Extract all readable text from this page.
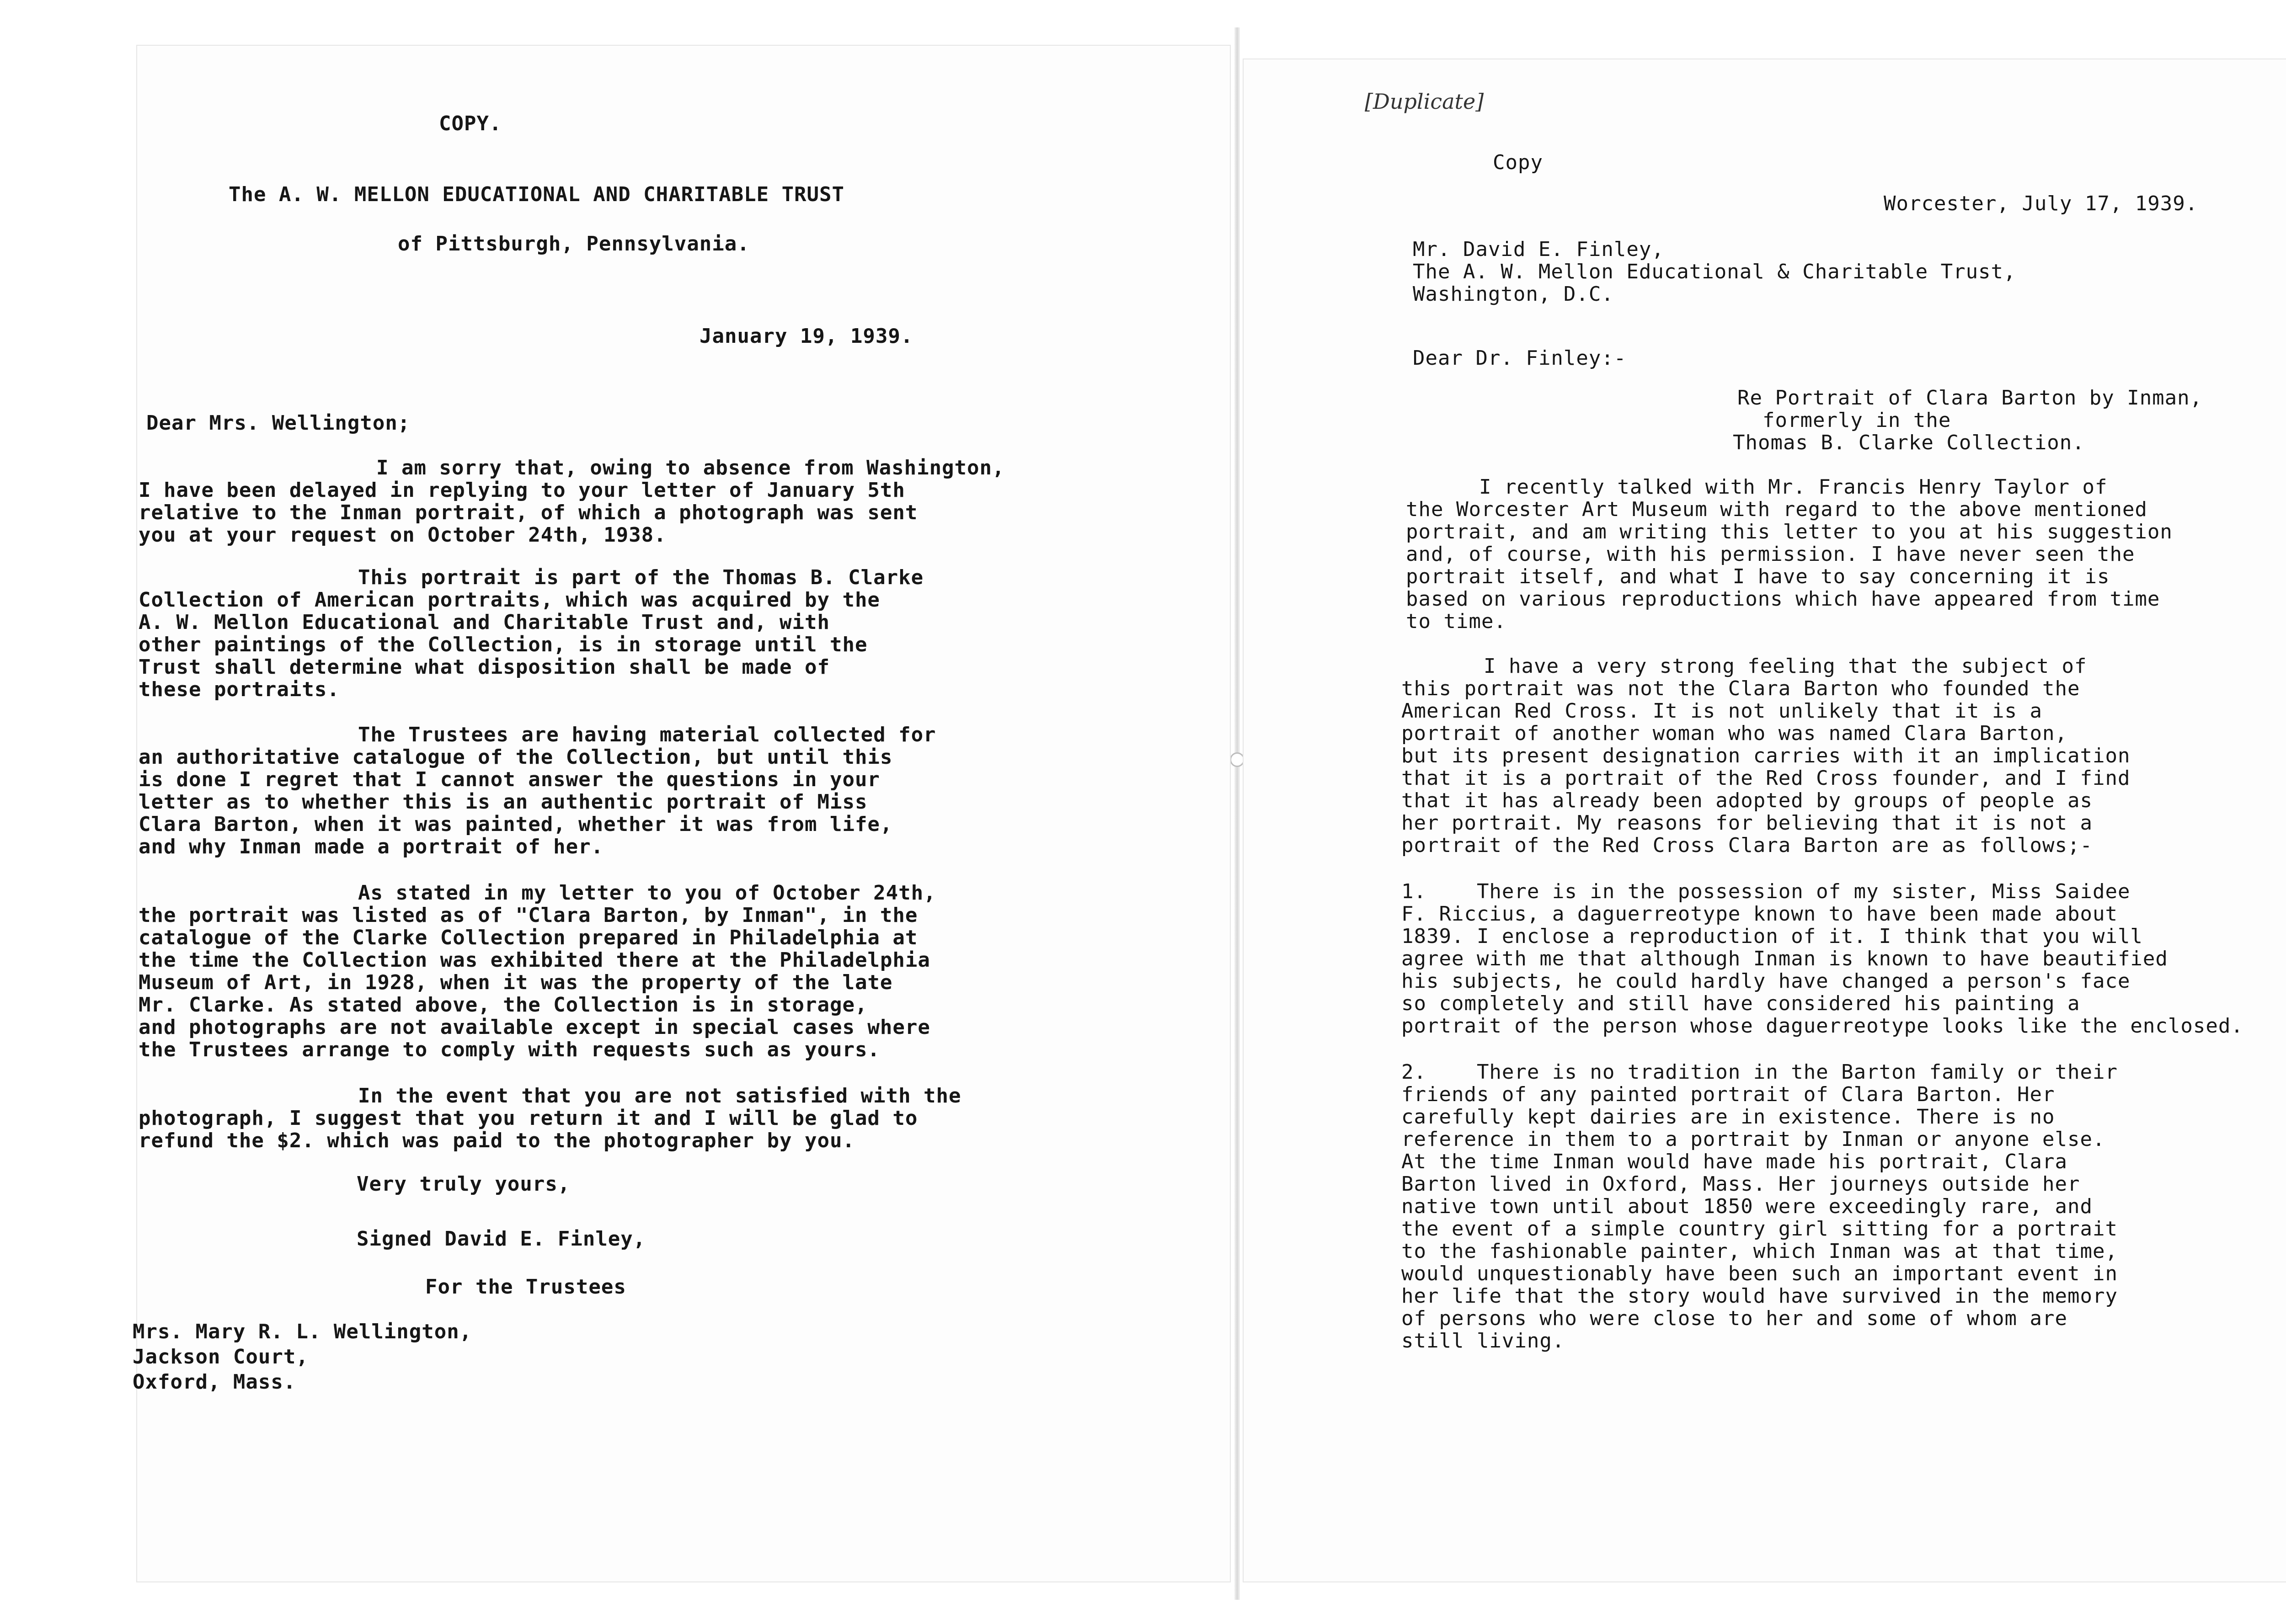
COPY.
The A. W. MELLON EDUCATIONAL AND CHARITABLE TRUST
of Pittsburgh, Pennsylvania.
January 19, 1939.
Dear Mrs. Wellington;
I am sorry that, owing to absence from Washington,
I have been delayed in replying to your letter of January 5th
relative to the Inman portrait, of which a photograph was sent
you at your request on October 24th, 1938.
This portrait is part of the Thomas B. Clarke
Collection of American portraits, which was acquired by the
A. W. Mellon Educational and Charitable Trust and, with
other paintings of the Collection, is in storage until the
Trust shall determine what disposition shall be made of
these portraits.
The Trustees are having material collected for
an authoritative catalogue of the Collection, but until this
is done I regret that I cannot answer the questions in your
letter as to whether this is an authentic portrait of Miss
Clara Barton, when it was painted, whether it was from life,
and why Inman made a portrait of her.
As stated in my letter to you of October 24th,
the portrait was listed as of "Clara Barton, by Inman", in the
catalogue of the Clarke Collection prepared in Philadelphia at
the time the Collection was exhibited there at the Philadelphia
Museum of Art, in 1928, when it was the property of the late
Mr. Clarke. As stated above, the Collection is in storage,
and photographs are not available except in special cases where
the Trustees arrange to comply with requests such as yours.
In the event that you are not satisfied with the
photograph, I suggest that you return it and I will be glad to
refund the $2. which was paid to the photographer by you.
Very truly yours,
Signed David E. Finley,
For the Trustees
Mrs. Mary R. L. Wellington,
Jackson Court,
Oxford, Mass.
Copy
Worcester, July 17, 1939.
Mr. David E. Finley,
The A. W. Mellon Educational & Charitable Trust,
Washington, D.C.
Dear Dr. Finley:-
Re Portrait of Clara Barton by Inman,
formerly in the
Thomas B. Clarke Collection.
I recently talked with Mr. Francis Henry Taylor of
the Worcester Art Museum with regard to the above mentioned
portrait, and am writing this letter to you at his suggestion
and, of course, with his permission. I have never seen the
portrait itself, and what I have to say concerning it is
based on various reproductions which have appeared from time
to time.
I have a very strong feeling that the subject of
this portrait was not the Clara Barton who founded the
American Red Cross. It is not unlikely that it is a
portrait of another woman who was named Clara Barton,
but its present designation carries with it an implication
that it is a portrait of the Red Cross founder, and I find
that it has already been adopted by groups of people as
her portrait. My reasons for believing that it is not a
portrait of the Red Cross Clara Barton are as follows;-
1.    There is in the possession of my sister, Miss Saidee
F. Riccius, a daguerreotype known to have been made about
1839. I enclose a reproduction of it. I think that you will
agree with me that although Inman is known to have beautified
his subjects, he could hardly have changed a person's face
so completely and still have considered his painting a
portrait of the person whose daguerreotype looks like the enclosed.
2.    There is no tradition in the Barton family or their
friends of any painted portrait of Clara Barton. Her
carefully kept dairies are in existence. There is no
reference in them to a portrait by Inman or anyone else.
At the time Inman would have made his portrait, Clara
Barton lived in Oxford, Mass. Her journeys outside her
native town until about 1850 were exceedingly rare, and
the event of a simple country girl sitting for a portrait
to the fashionable painter, which Inman was at that time,
would unquestionably have been such an important event in
her life that the story would have survived in the memory
of persons who were close to her and some of whom are
still living.
[Duplicate]
